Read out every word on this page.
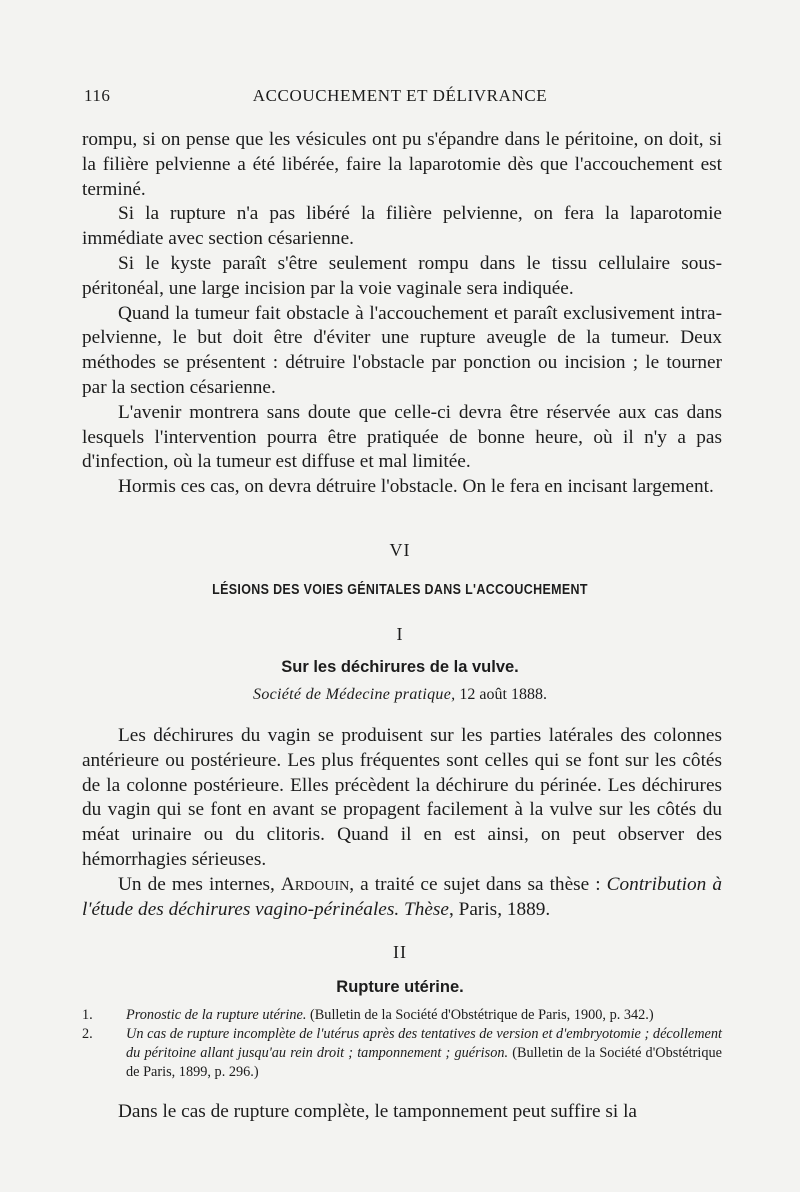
116	ACCOUCHEMENT ET DÉLIVRANCE

rompu, si on pense que les vésicules ont pu s'épandre dans le péritoine, on doit, si la filière pelvienne a été libérée, faire la laparotomie dès que l'accouchement est terminé.

Si la rupture n'a pas libéré la filière pelvienne, on fera la laparotomie immédiate avec section césarienne.

Si le kyste paraît s'être seulement rompu dans le tissu cellulaire sous-péritonéal, une large incision par la voie vaginale sera indiquée.

Quand la tumeur fait obstacle à l'accouchement et paraît exclusivement intra-pelvienne, le but doit être d'éviter une rupture aveugle de la tumeur. Deux méthodes se présentent : détruire l'obstacle par ponction ou incision ; le tourner par la section césarienne.

L'avenir montrera sans doute que celle-ci devra être réservée aux cas dans lesquels l'intervention pourra être pratiquée de bonne heure, où il n'y a pas d'infection, où la tumeur est diffuse et mal limitée.

Hormis ces cas, on devra détruire l'obstacle. On le fera en incisant largement.

VI
LÉSIONS DES VOIES GÉNITALES DANS L'ACCOUCHEMENT
I
Sur les déchirures de la vulve.
Société de Médecine pratique, 12 août 1888.

Les déchirures du vagin se produisent sur les parties latérales des colonnes antérieure ou postérieure. Les plus fréquentes sont celles qui se font sur les côtés de la colonne postérieure. Elles précèdent la déchirure du périnée. Les déchirures du vagin qui se font en avant se propagent facilement à la vulve sur les côtés du méat urinaire ou du clitoris. Quand il en est ainsi, on peut observer des hémorrhagies sérieuses.

Un de mes internes, Ardouin, a traité ce sujet dans sa thèse : Contribution à l'étude des déchirures vagino-périnéales. Thèse, Paris, 1889.

II
Rupture utérine.
1. Pronostic de la rupture utérine. (Bulletin de la Société d'Obstétrique de Paris, 1900, p. 342.)
2. Un cas de rupture incomplète de l'utérus après des tentatives de version et d'embryotomie ; décollement du péritoine allant jusqu'au rein droit ; tamponnement ; guérison. (Bulletin de la Société d'Obstétrique de Paris, 1899, p. 296.)
Dans le cas de rupture complète, le tamponnement peut suffire si la
